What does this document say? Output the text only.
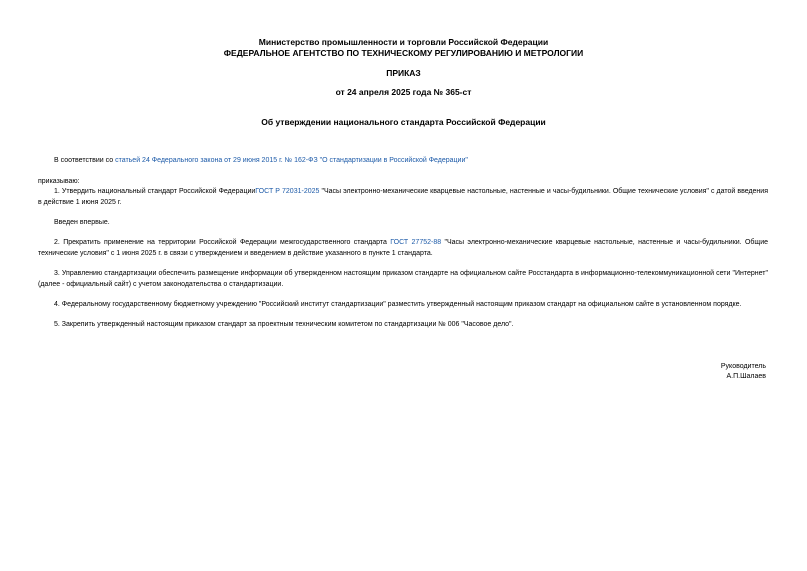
Министерство промышленности и торговли Российской Федерации
ФЕДЕРАЛЬНОЕ АГЕНТСТВО ПО ТЕХНИЧЕСКОМУ РЕГУЛИРОВАНИЮ И МЕТРОЛОГИИ
ПРИКАЗ
от 24 апреля 2025 года № 365-ст
Об утверждении национального стандарта Российской Федерации
В соответствии со статьей 24 Федерального закона от 29 июня 2015 г. № 162-ФЗ "О стандартизации в Российской Федерации"
приказываю:
1. Утвердить национальный стандарт Российской ФедерацииГОСТ Р 72031-2025 "Часы электронно-механические кварцевые настольные, настенные и часы-будильники. Общие технические условия" с датой введения в действие 1 июня 2025 г.
Введен впервые.
2. Прекратить применение на территории Российской Федерации межгосударственного стандарта ГОСТ 27752-88 "Часы электронно-механические кварцевые настольные, настенные и часы-будильники. Общие технические условия" с 1 июня 2025 г. в связи с утверждением и введением в действие указанного в пункте 1 стандарта.
3. Управлению стандартизации обеспечить размещение информации об утвержденном настоящим приказом стандарте на официальном сайте Росстандарта в информационно-телекоммуникационной сети "Интернет" (далее - официальный сайт) с учетом законодательства о стандартизации.
4. Федеральному государственному бюджетному учреждению "Российский институт стандартизации" разместить утвержденный настоящим приказом стандарт на официальном сайте в установленном порядке.
5. Закрепить утвержденный настоящим приказом стандарт за проектным техническим комитетом по стандартизации № 006 "Часовое дело".
Руководитель
А.П.Шалаев
